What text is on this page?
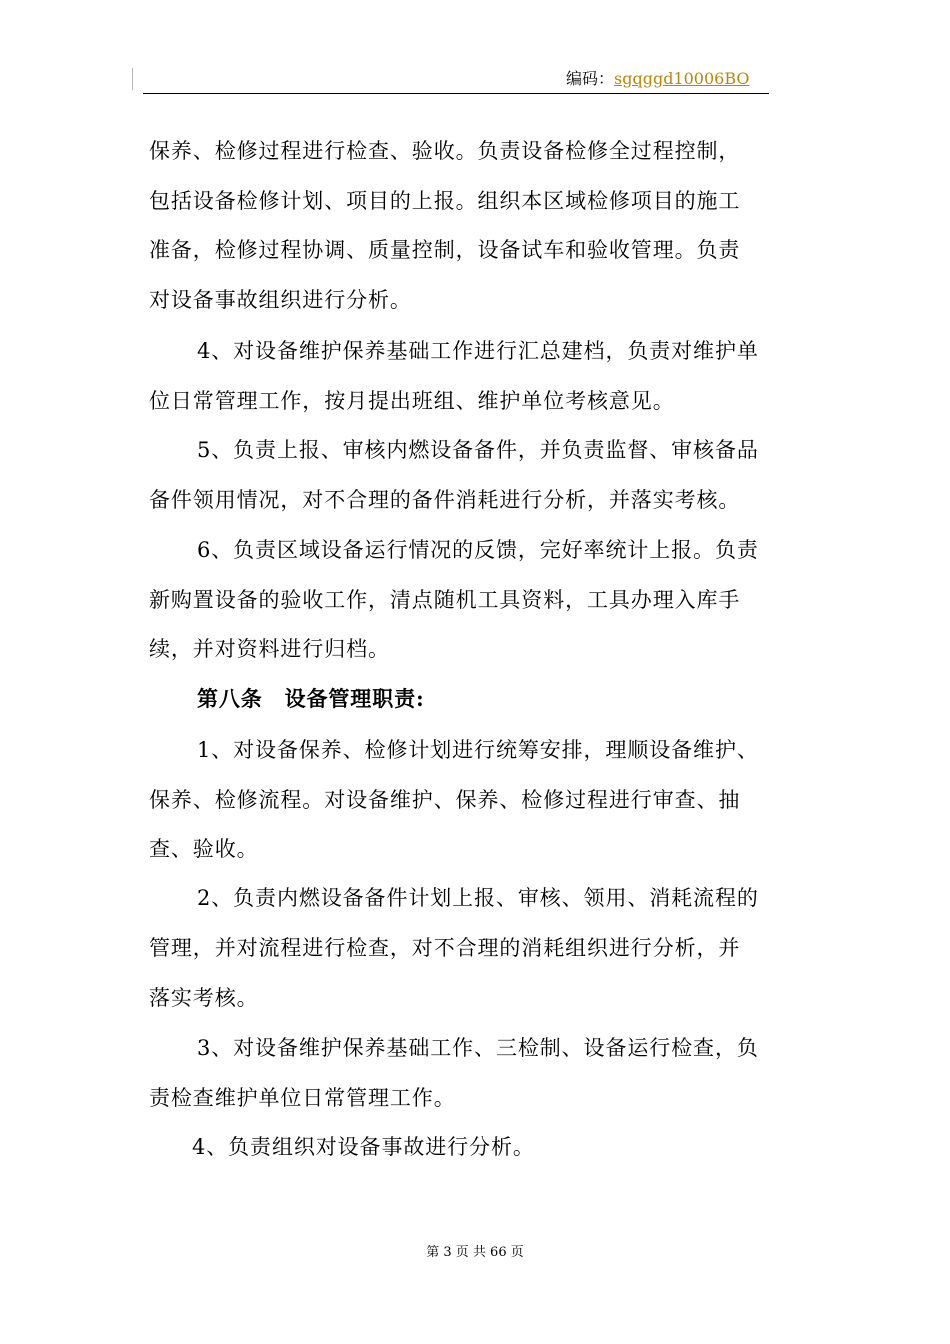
编码：sgqggd10006BO
保养、检修过程进行检查、验收。负责设备检修全过程控制，
包括设备检修计划、项目的上报。组织本区域检修项目的施工
准备，检修过程协调、质量控制，设备试车和验收管理。负责
对设备事故组织进行分析。
4、对设备维护保养基础工作进行汇总建档，负责对维护单
位日常管理工作，按月提出班组、维护单位考核意见。
5、负责上报、审核内燃设备备件，并负责监督、审核备品
备件领用情况，对不合理的备件消耗进行分析，并落实考核。
6、负责区域设备运行情况的反馈，完好率统计上报。负责
新购置设备的验收工作，清点随机工具资料，工具办理入库手
续，并对资料进行归档。
第八条　设备管理职责:
1、对设备保养、检修计划进行统筹安排，理顺设备维护、
保养、检修流程。对设备维护、保养、检修过程进行审查、抽
查、验收。
2、负责内燃设备备件计划上报、审核、领用、消耗流程的
管理，并对流程进行检查，对不合理的消耗组织进行分析，并
落实考核。
3、对设备维护保养基础工作、三检制、设备运行检查，负
责检查维护单位日常管理工作。
4、负责组织对设备事故进行分析。
第 3 页 共 66 页
